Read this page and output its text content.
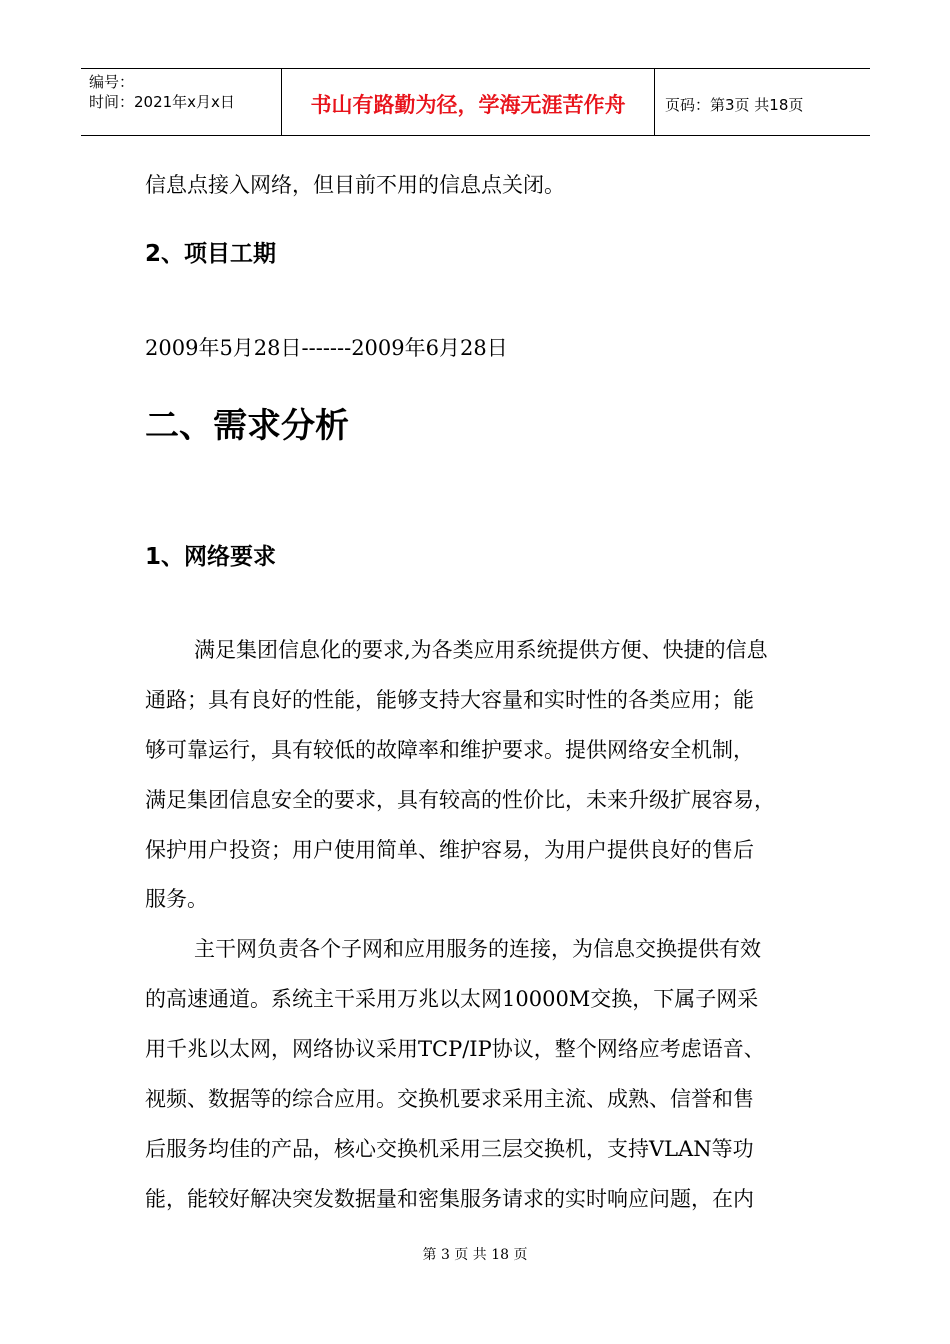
编号：
时间：2021年x月x日	书山有路勤为径，学海无涯苦作舟	页码：第3页 共18页
信息点接入网络，但目前不用的信息点关闭。
2、项目工期
2009年5月28日-------2009年6月28日
二、需求分析
1、网络要求
满足集团信息化的要求,为各类应用系统提供方便、快捷的信息
通路；具有良好的性能，能够支持大容量和实时性的各类应用；能
够可靠运行，具有较低的故障率和维护要求。提供网络安全机制，
满足集团信息安全的要求，具有较高的性价比，未来升级扩展容易，
保护用户投资；用户使用简单、维护容易，为用户提供良好的售后
服务。
主干网负责各个子网和应用服务的连接，为信息交换提供有效
的高速通道。系统主干采用万兆以太网10000M交换，下属子网采
用千兆以太网，网络协议采用TCP/IP协议，整个网络应考虑语音、
视频、数据等的综合应用。交换机要求采用主流、成熟、信誉和售
后服务均佳的产品，核心交换机采用三层交换机，支持VLAN等功
能，能较好解决突发数据量和密集服务请求的实时响应问题，在内
第 3 页 共 18 页
